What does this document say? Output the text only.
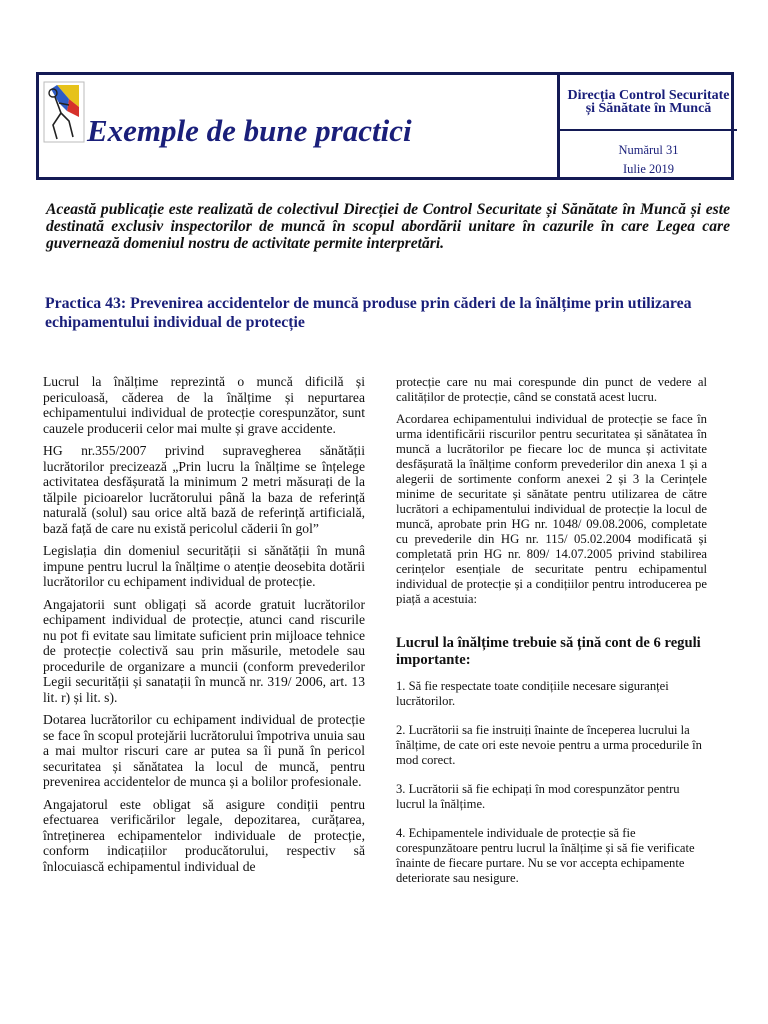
Exemple de bune practici
Direcția Control Securitate și Sănătate în Muncă
Numărul 31
Iulie 2019
Această publicație este realizată de colectivul Direcției de Control Securitate și Sănătate în Muncă și este destinată exclusiv inspectorilor de muncă în scopul abordării unitare în cazurile în care Legea care guvernează domeniul nostru de activitate permite interpretări.
Practica 43: Prevenirea accidentelor de muncă produse prin căderi de la înălțime prin utilizarea echipamentului individual de protecție

Lucrul la înălțime reprezintă o muncă dificilă și periculoasă, căderea de la înălțime și nepurtarea echipamentului individual de protecție corespunzător, sunt cauzele producerii celor mai multe și grave accidente.

HG nr.355/2007 privind supravegherea sănătății lucrătorilor precizează „Prin lucru la înălțime se înțelege activitatea desfășurată la minimum 2 metri măsurați de la tălpile picioarelor lucrătorului până la baza de referință naturală (solul) sau orice altă bază de referință artificială, bază față de care nu există pericolul căderii în gol”

Legislația din domeniul securității si sănătății în munâ impune pentru lucrul la înălțime o atenție deosebita dotării lucrătorilor cu echipament individual de protecție.

Angajatorii sunt obligați să acorde gratuit lucrătorilor echipament individual de protecție, atunci cand riscurile nu pot fi evitate sau limitate suficient prin mijloace tehnice de protecție colectivă sau prin măsurile, metodele sau procedurile de organizare a muncii (conform prevederilor Legii securității și sanatații în muncă nr. 319/ 2006, art. 13 lit. r) și lit. s).

Dotarea lucrătorilor cu echipament individual de protecție se face în scopul protejării lucrătorului împotriva unuia sau a mai multor riscuri care ar putea sa îi pună în pericol securitatea și sănătatea la locul de muncă, pentru prevenirea accidentelor de munca și a bolilor profesionale.

Angajatorul este obligat să asigure condiții pentru efectuarea verificărilor legale, depozitarea, curățarea, întreținerea echipamentelor individuale de protecție, conform indicațiilor producătorului, respectiv să înlocuiască echipamentul individual de

protecție care nu mai corespunde din punct de vedere al calităților de protecție, când se constată acest lucru.

Acordarea echipamentului individual de protecție se face în urma identificării riscurilor pentru securitatea și sănătatea în muncă a lucrătorilor pe fiecare loc de munca și activitate desfășurată la înălțime conform prevederilor din anexa 1 și a alegerii de sortimente conform anexei 2 și 3 la Cerințele minime de securitate și sănătate pentru utilizarea de către lucrători a echipamentului individual de protecție la locul de muncă, aprobate prin HG nr. 1048/ 09.08.2006, completate cu prevederile din HG nr. 115/ 05.02.2004 modificată și completată prin HG nr. 809/ 14.07.2005 privind stabilirea cerințelor esențiale de securitate pentru echipamentul individual de protecție și a condițiilor pentru introducerea pe piață a acestuia:

Lucrul la înălțime trebuie să țină cont de 6 reguli importante:

1. Să fie respectate toate condițiile necesare siguranței lucrătorilor.

2. Lucrătorii sa fie instruiți înainte de începerea lucrului la înălțime, de cate ori este nevoie pentru a urma procedurile în mod corect.

3. Lucrătorii să fie echipați în mod corespunzător pentru lucrul la înălțime.

4. Echipamentele individuale de protecție să fie corespunzătoare pentru lucrul la înălțime și să fie verificate înainte de fiecare purtare. Nu se vor accepta echipamente deteriorate sau nesigure.
